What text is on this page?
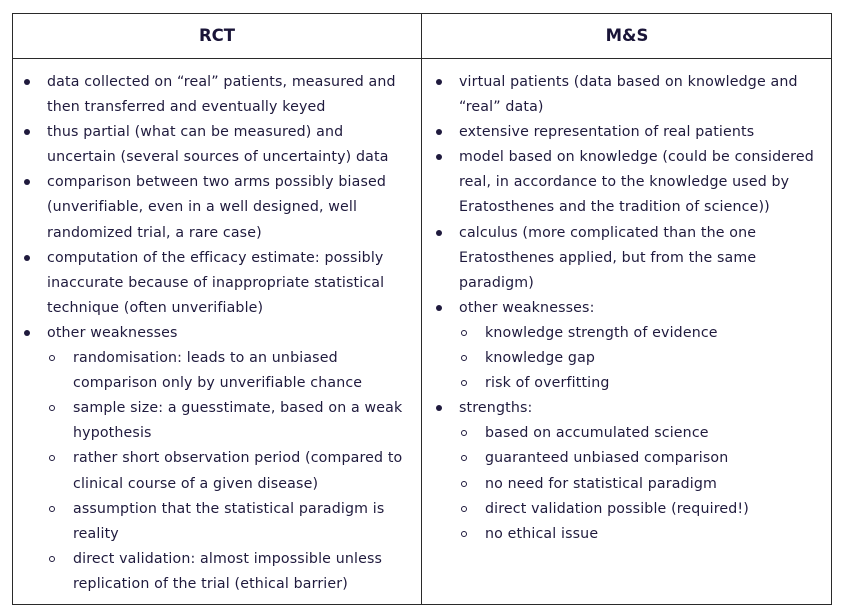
RCT	M&S
data collected on “real” patients, measured and then transferred and eventually keyed
thus partial (what can be measured) and uncertain (several sources of uncertainty) data
comparison between two arms possibly biased (unverifiable, even in a well designed, well randomized trial, a rare case)
computation of the efficacy estimate: possibly inaccurate because of inappropriate statistical technique (often unverifiable)
other weaknesses
randomisation: leads to an unbiased comparison only by unverifiable chance
sample size: a guesstimate, based on a weak hypothesis
rather short observation period (compared to clinical course of a given disease)
assumption that the statistical paradigm is reality
direct validation: almost impossible unless replication of the trial (ethical barrier)
virtual patients (data based on knowledge and “real” data)
extensive representation of real patients
model based on knowledge (could be considered real, in accordance to the knowledge used by Eratosthenes and the tradition of science))
calculus (more complicated than the one Eratosthenes applied, but from the same paradigm)
other weaknesses:
knowledge strength of evidence
knowledge gap
risk of overfitting
strengths:
based on accumulated science
guaranteed unbiased comparison
no need for statistical paradigm
direct validation possible (required!)
no ethical issue
